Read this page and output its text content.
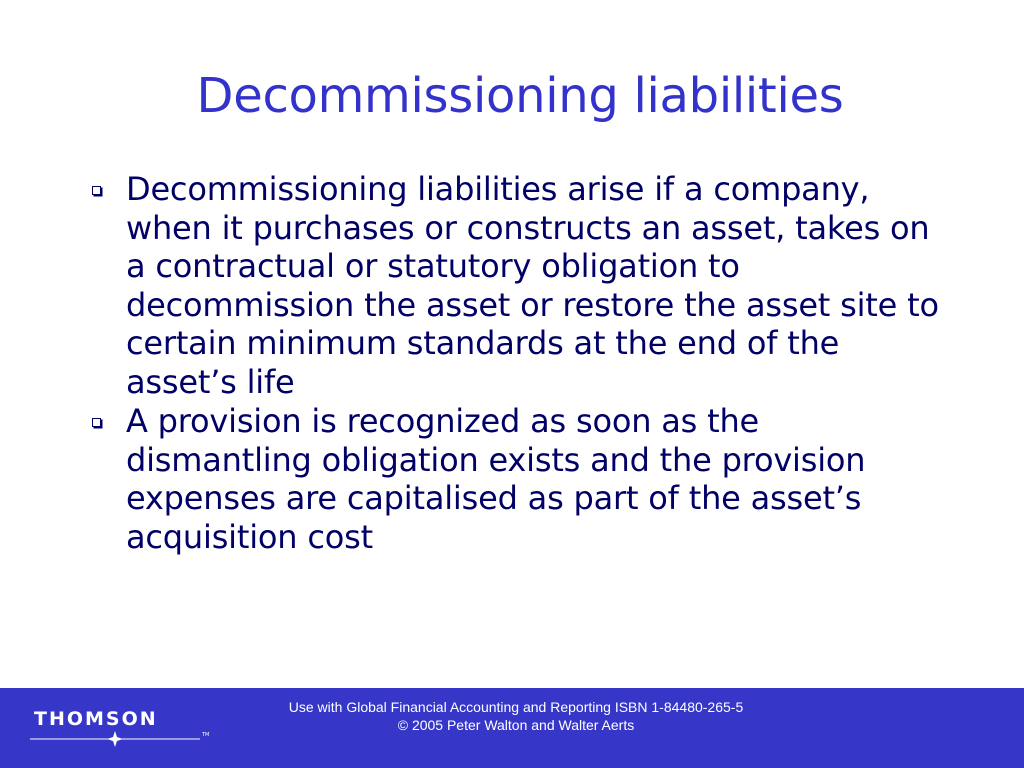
Decommissioning liabilities
Decommissioning liabilities arise if a company, when it purchases or constructs an asset, takes on a contractual or statutory obligation to decommission the asset or restore the asset site to certain minimum standards at the end of the asset’s life
A provision is recognized as soon as the dismantling obligation exists and the provision expenses are capitalised as part of the asset’s acquisition cost
THOMSON
TM
Use with Global Financial Accounting and Reporting ISBN 1-84480-265-5
© 2005 Peter Walton and Walter Aerts
